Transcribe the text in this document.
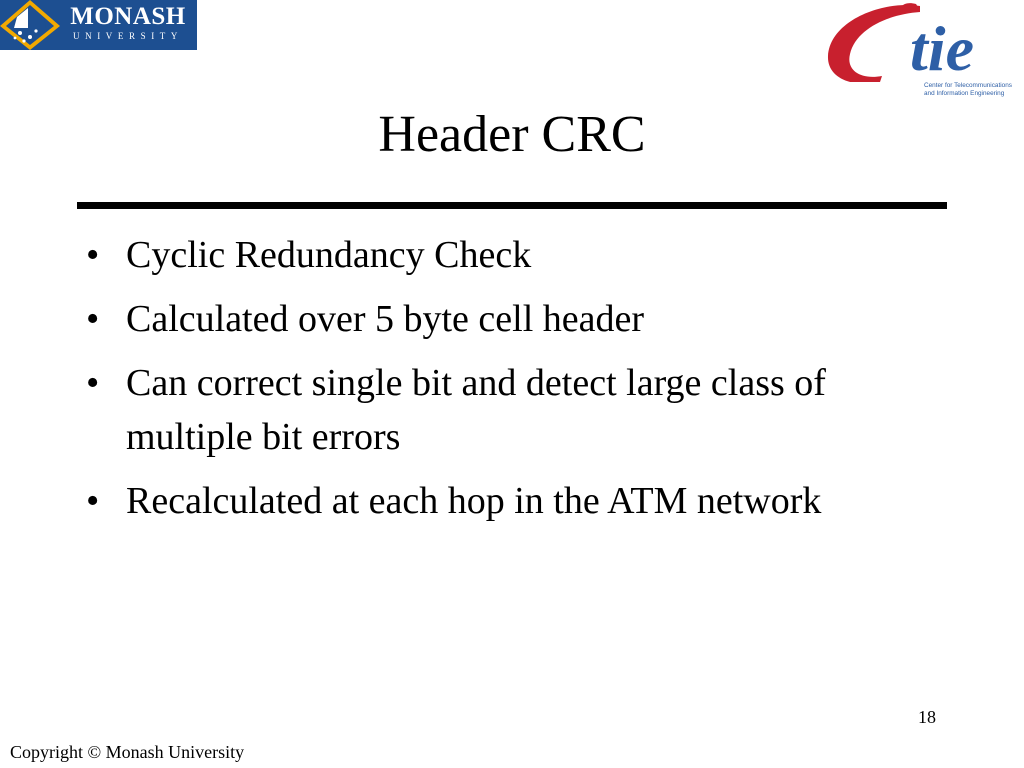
MONASH
UNIVERSITY	tie
Center for Telecommunications
and Information Engineering
Header CRC
• Cyclic Redundancy Check
• Calculated over 5 byte cell header
• Can correct single bit and detect large class of multiple bit errors
• Recalculated at each hop in the ATM network
18
Copyright © Monash University
